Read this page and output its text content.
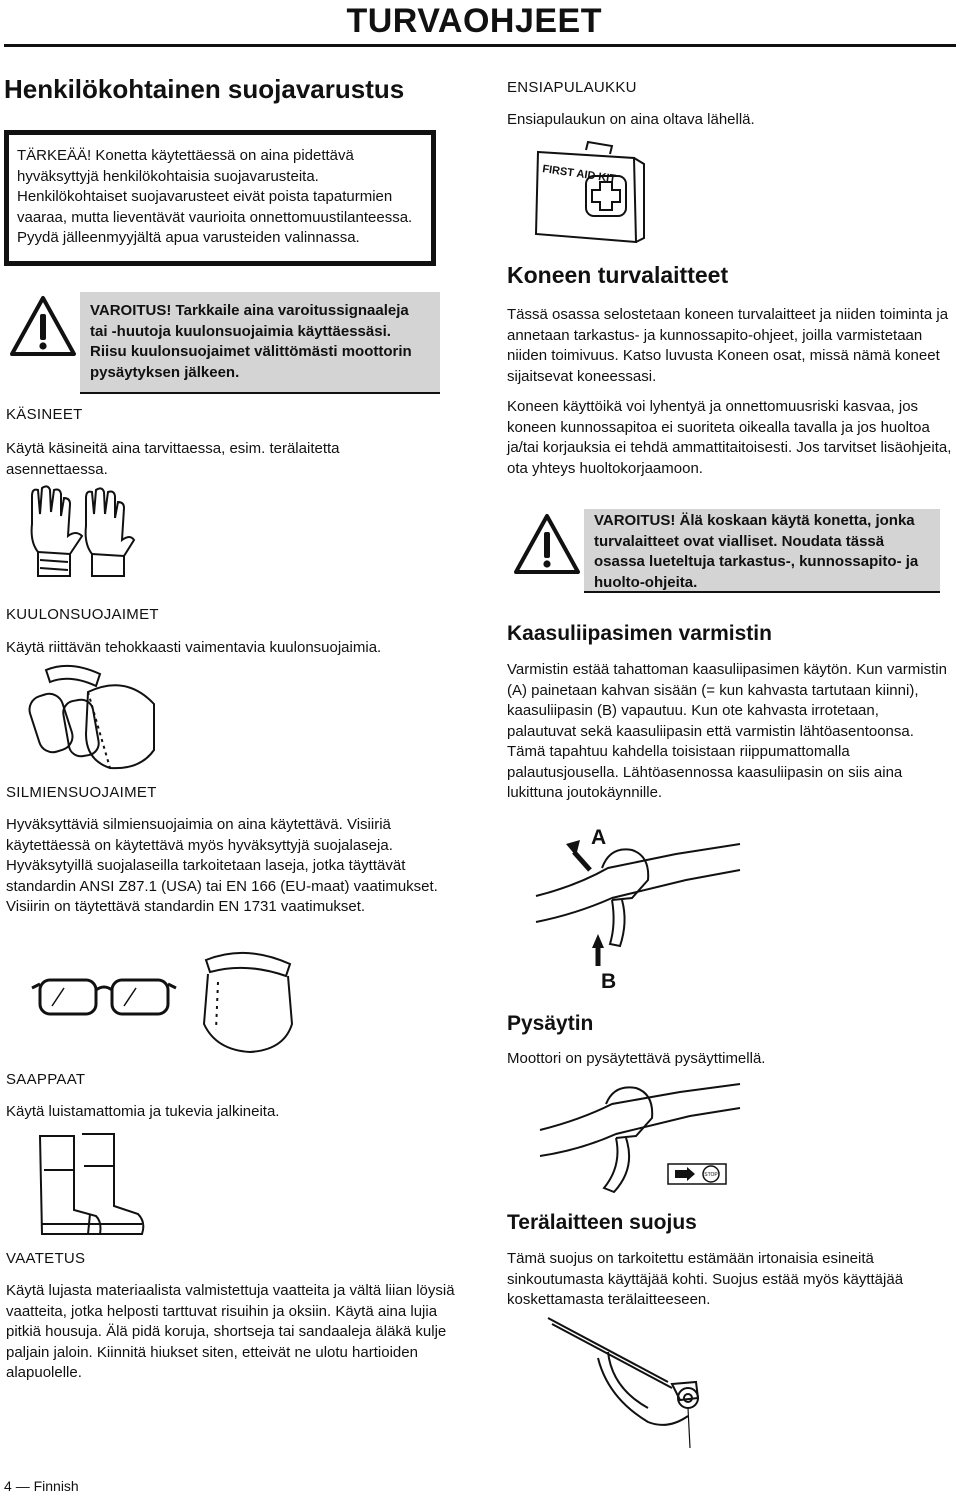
TURVAOHJEET
Henkilökohtainen suojavarustus
TÄRKEÄÄ! Konetta käytettäessä on aina pidettävä hyväksyttyjä henkilökohtaisia suojavarusteita. Henkilökohtaiset suojavarusteet eivät poista tapaturmien vaaraa, mutta lieventävät vaurioita onnettomuustilanteessa. Pyydä jälleenmyyjältä apua varusteiden valinnassa.

VAROITUS! Tarkkaile aina varoitussignaaleja tai -huutoja kuulonsuojaimia käyttäessäsi. Riisu kuulonsuojaimet välittömästi moottorin pysäytyksen jälkeen.

KÄSINEET
Käytä käsineitä aina tarvittaessa, esim. terälaitetta asennettaessa.
KUULONSUOJAIMET
Käytä riittävän tehokkaasti vaimentavia kuulonsuojaimia.
SILMIENSUOJAIMET
Hyväksyttäviä silmiensuojaimia on aina käytettävä. Visiiriä käytettäessä on käytettävä myös hyväksyttyjä suojalaseja. Hyväksytyillä suojalaseilla tarkoitetaan laseja, jotka täyttävät standardin ANSI Z87.1 (USA) tai EN 166 (EU-maat) vaatimukset. Visiirin on täytettävä standardin EN 1731 vaatimukset.
SAAPPAAT
Käytä luistamattomia ja tukevia jalkineita.
VAATETUS
Käytä lujasta materiaalista valmistettuja vaatteita ja vältä liian löysiä vaatteita, jotka helposti tarttuvat risuihin ja oksiin. Käytä aina lujia pitkiä housuja. Älä pidä koruja, shortseja tai sandaaleja äläkä kulje paljain jaloin. Kiinnitä hiukset siten, etteivät ne ulotu hartioiden alapuolelle.
ENSIAPULAUKKU
Ensiapulaukun on aina oltava lähellä.
FIRST AID KIT
Koneen turvalaitteet
Tässä osassa selostetaan koneen turvalaitteet ja niiden toiminta ja annetaan tarkastus- ja kunnossapito-ohjeet, joilla varmistetaan niiden toimivuus. Katso luvusta Koneen osat, missä nämä koneet sijaitsevat koneessasi.
Koneen käyttöikä voi lyhentyä ja onnettomuusriski kasvaa, jos koneen kunnossapitoa ei suoriteta oikealla tavalla ja jos huoltoa ja/tai korjauksia ei tehdä ammattitaitoisesti. Jos tarvitset lisäohjeita, ota yhteys huoltokorjaamoon.

VAROITUS! Älä koskaan käytä konetta, jonka turvalaitteet ovat vialliset. Noudata tässä osassa lueteltuja tarkastus-, kunnossapito- ja huolto-ohjeita.

Kaasuliipasimen varmistin
Varmistin estää tahattoman kaasuliipasimen käytön. Kun varmistin (A) painetaan kahvan sisään (= kun kahvasta tartutaan kiinni), kaasuliipasin (B) vapautuu. Kun ote kahvasta irrotetaan, palautuvat sekä kaasuliipasin että varmistin lähtöasentoonsa. Tämä tapahtuu kahdella toisistaan riippumattomalla palautusjousella. Lähtöasennossa kaasuliipasin on siis aina lukittuna joutokäynnille.
A
B
Pysäytin
Moottori on pysäytettävä pysäyttimellä.
STOP
Terälaitteen suojus
Tämä suojus on tarkoitettu estämään irtonaisia esineitä sinkoutumasta käyttäjää kohti. Suojus estää myös käyttäjää koskettamasta terälaitteeseen.
4 — Finnish
